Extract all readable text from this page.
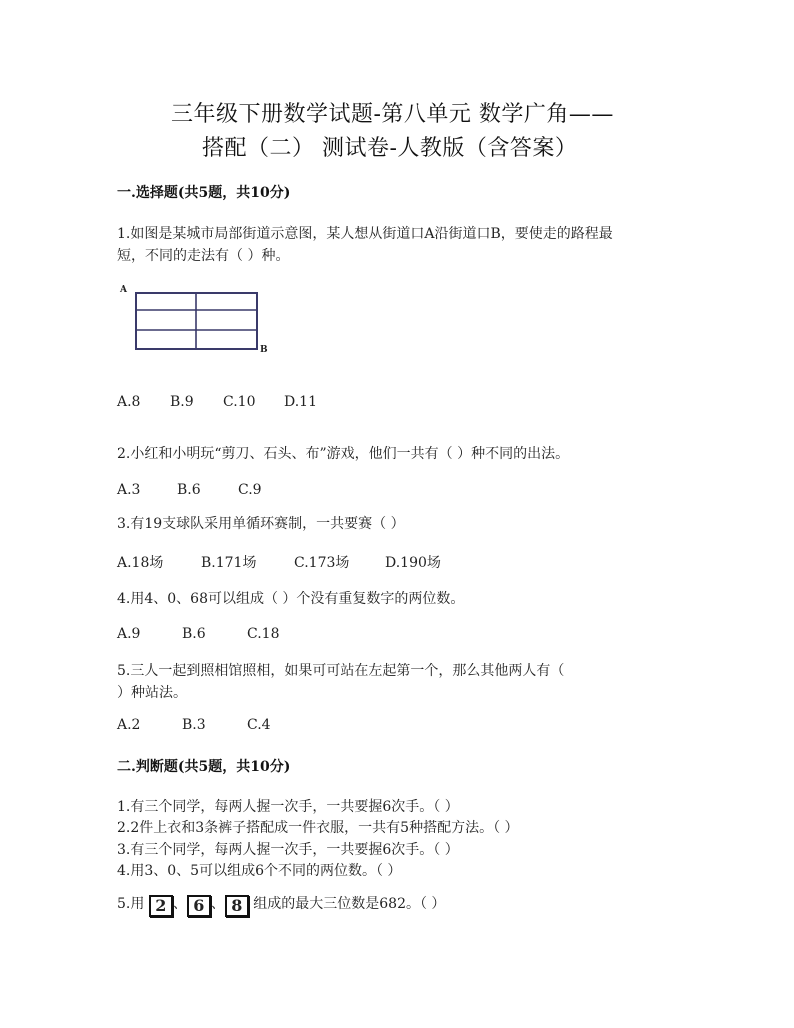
三年级下册数学试题-第八单元 数学广角——
搭配（二） 测试卷-人教版（含答案）
一.选择题(共5题，共10分)
1.如图是某城市局部街道示意图，某人想从街道口A沿街道口B，要使走的路程最
短，不同的走法有（ ）种。
A
B
A.8 B.9 C.10 D.11
2.小红和小明玩“剪刀、石头、布”游戏，他们一共有（ ）种不同的出法。
A.3	B.6	C.9
3.有19支球队采用单循环赛制，一共要赛（ ）
A.18场	B.171场	C.173场	D.190场
4.用4、0、68可以组成（ ）个没有重复数字的两位数。
A.9	B.6	C.18
5.三人一起到照相馆照相，如果可可站在左起第一个，那么其他两人有（
）种站法。
A.2	B.3	C.4
二.判断题(共5题，共10分)
1.有三个同学，每两人握一次手，一共要握6次手。（ ）
2.2件上衣和3条裤子搭配成一件衣服，一共有5种搭配方法。（ ）
3.有三个同学，每两人握一次手，一共要握6次手。（ ）
4.用3、0、5可以组成6个不同的两位数。（ ）
5.用 2 、 6 、 8 组成的最大三位数是682。（ ）
